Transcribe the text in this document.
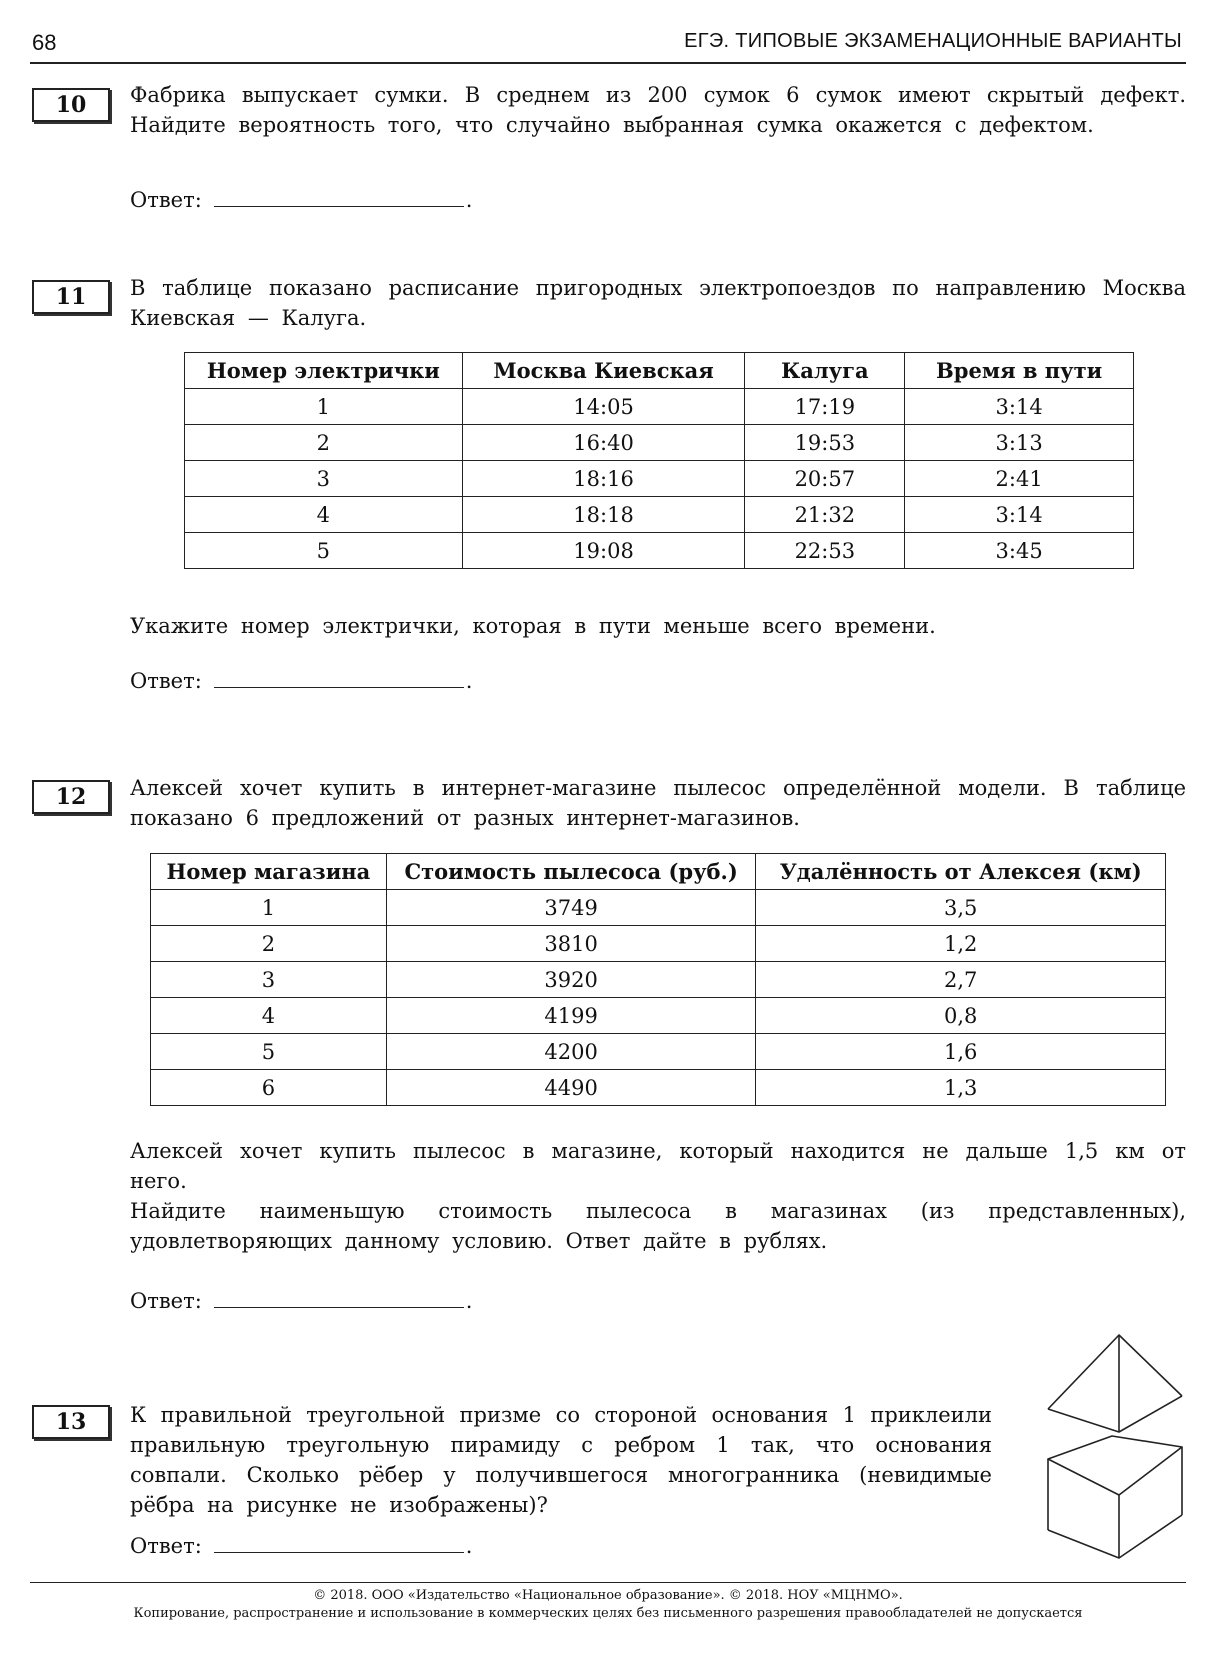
68	ЕГЭ. ТИПОВЫЕ ЭКЗАМЕНАЦИОННЫЕ ВАРИАНТЫ
10	Фабрика выпускает сумки. В среднем из 200 сумок 6 сумок имеют скрытый дефект. Найдите вероятность того, что случайно выбранная сумка окажется с дефектом.
Ответ:	.
11	В таблице показано расписание пригородных электропоездов по направлению Москва Киевская — Калуга.
Номер электрички	Москва Киевская	Калуга	Время в пути
1	14:05	17:19	3:14
2	16:40	19:53	3:13
3	18:16	20:57	2:41
4	18:18	21:32	3:14
5	19:08	22:53	3:45
Укажите номер электрички, которая в пути меньше всего времени.
Ответ:	.
12	Алексей хочет купить в интернет-магазине пылесос определённой модели. В таблице показано 6 предложений от разных интернет-магазинов.
Номер магазина	Стоимость пылесоса (руб.)	Удалённость от Алексея (км)
1	3749	3,5
2	3810	1,2
3	3920	2,7
4	4199	0,8
5	4200	1,6
6	4490	1,3
Алексей хочет купить пылесос в магазине, который находится не дальше 1,5 км от него.
Найдите наименьшую стоимость пылесоса в магазинах (из представленных), удовлетворяющих данному условию. Ответ дайте в рублях.
Ответ:	.
13	К правильной треугольной призме со стороной основания 1 приклеили правильную треугольную пирамиду с ребром 1 так, что основания совпали. Сколько рёбер у получившегося многогранника (невидимые рёбра на рисунке не изображены)?
Ответ:	.
© 2018. ООО «Издательство «Национальное образование». © 2018. НОУ «МЦНМО».
Копирование, распространение и использование в коммерческих целях без письменного разрешения правообладателей не допускается
